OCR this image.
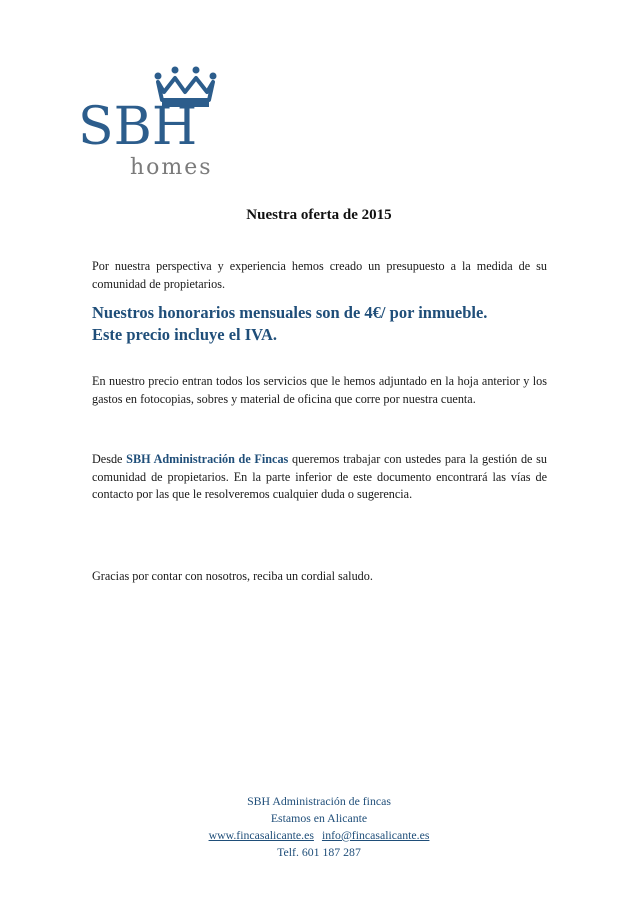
SBH
homes
Nuestra oferta de 2015
Por nuestra perspectiva y experiencia hemos creado un presupuesto a la medida de su comunidad de propietarios.
Nuestros honorarios mensuales son de 4€/ por inmueble.
Este precio incluye el IVA.
En nuestro precio entran todos los servicios que le hemos adjuntado en la hoja anterior y los gastos en fotocopias, sobres y material de oficina que corre por nuestra cuenta.
Desde SBH Administración de Fincas queremos trabajar con ustedes para la gestión de su comunidad de propietarios. En la parte inferior de este documento encontrará las vías de contacto por las que le resolveremos cualquier duda o sugerencia.
Gracias por contar con nosotros, reciba un cordial saludo.
SBH Administración de fincas
Estamos en Alicante
www.fincasalicante.es info@fincasalicante.es
Telf. 601 187 287
